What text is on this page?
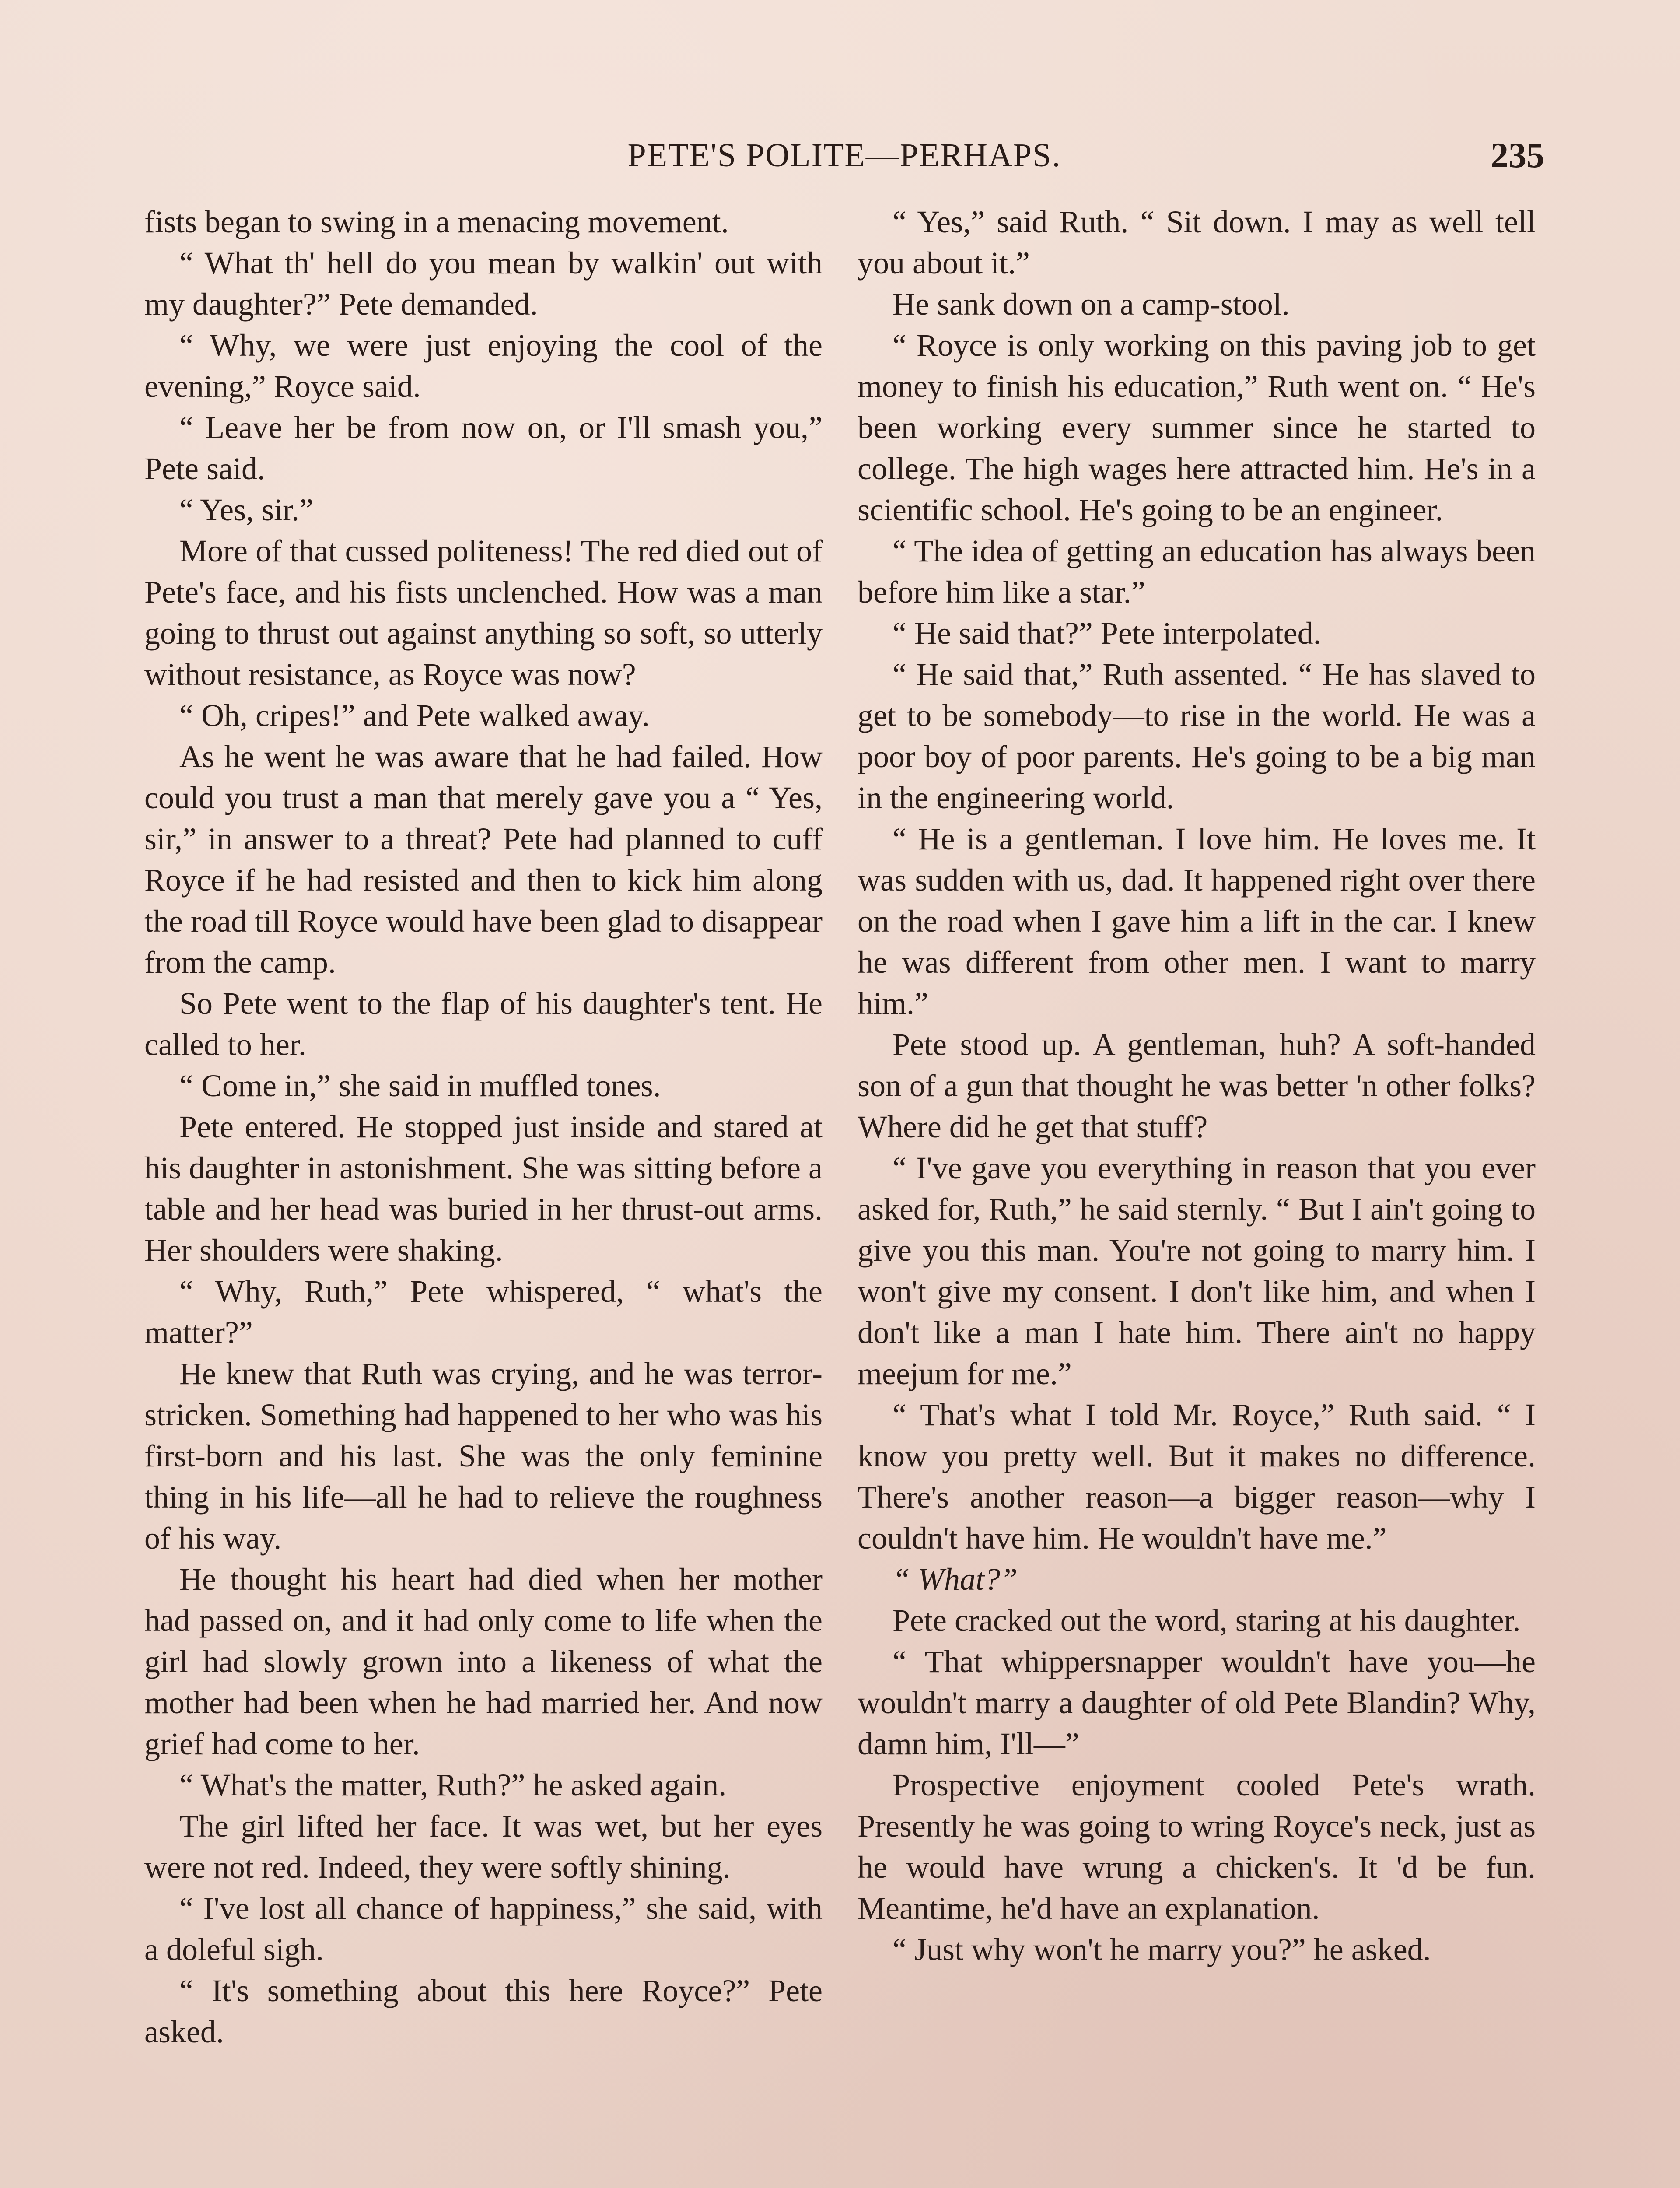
PETE'S POLITE—PERHAPS.	235

fists began to swing in a menacing movement.

“ What th' hell do you mean by walkin' out with my daughter?” Pete demanded.

“ Why, we were just enjoying the cool of the evening,” Royce said.

“ Leave her be from now on, or I'll smash you,” Pete said.

“ Yes, sir.”

More of that cussed politeness! The red died out of Pete's face, and his fists unclenched. How was a man going to thrust out against anything so soft, so utterly without resistance, as Royce was now?

“ Oh, cripes!” and Pete walked away.

As he went he was aware that he had failed. How could you trust a man that merely gave you a “ Yes, sir,” in answer to a threat? Pete had planned to cuff Royce if he had resisted and then to kick him along the road till Royce would have been glad to disappear from the camp.

So Pete went to the flap of his daughter's tent. He called to her.

“ Come in,” she said in muffled tones.

Pete entered. He stopped just inside and stared at his daughter in astonishment. She was sitting before a table and her head was buried in her thrust-out arms. Her shoulders were shaking.

“ Why, Ruth,” Pete whispered, “ what's the matter?”

He knew that Ruth was crying, and he was terror-stricken. Something had happened to her who was his first-born and his last. She was the only feminine thing in his life—all he had to relieve the roughness of his way.

He thought his heart had died when her mother had passed on, and it had only come to life when the girl had slowly grown into a likeness of what the mother had been when he had married her. And now grief had come to her.

“ What's the matter, Ruth?” he asked again.

The girl lifted her face. It was wet, but her eyes were not red. Indeed, they were softly shining.

“ I've lost all chance of happiness,” she said, with a doleful sigh.

“ It's something about this here Royce?” Pete asked.

“ Yes,” said Ruth. “ Sit down. I may as well tell you about it.”

He sank down on a camp-stool.

“ Royce is only working on this paving job to get money to finish his education,” Ruth went on. “ He's been working every summer since he started to college. The high wages here attracted him. He's in a scientific school. He's going to be an engineer.

“ The idea of getting an education has always been before him like a star.”

“ He said that?” Pete interpolated.

“ He said that,” Ruth assented. “ He has slaved to get to be somebody—to rise in the world. He was a poor boy of poor parents. He's going to be a big man in the engineering world.

“ He is a gentleman. I love him. He loves me. It was sudden with us, dad. It happened right over there on the road when I gave him a lift in the car. I knew he was different from other men. I want to marry him.”

Pete stood up. A gentleman, huh? A soft-handed son of a gun that thought he was better 'n other folks? Where did he get that stuff?

“ I've gave you everything in reason that you ever asked for, Ruth,” he said sternly. “ But I ain't going to give you this man. You're not going to marry him. I won't give my consent. I don't like him, and when I don't like a man I hate him. There ain't no happy meejum for me.”

“ That's what I told Mr. Royce,” Ruth said. “ I know you pretty well. But it makes no difference. There's another reason—a bigger reason—why I couldn't have him. He wouldn't have me.”

“ What?”

Pete cracked out the word, staring at his daughter.

“ That whippersnapper wouldn't have you—he wouldn't marry a daughter of old Pete Blandin? Why, damn him, I'll—”

Prospective enjoyment cooled Pete's wrath. Presently he was going to wring Royce's neck, just as he would have wrung a chicken's. It 'd be fun. Meantime, he'd have an explanation.

“ Just why won't he marry you?” he asked.
